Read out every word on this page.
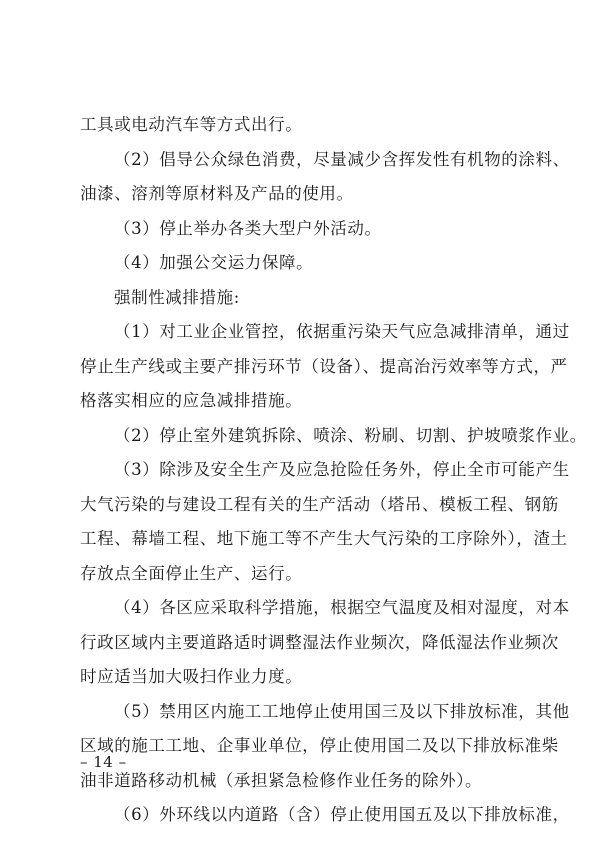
工具或电动汽车等方式出行。
（2）倡导公众绿色消费，尽量减少含挥发性有机物的涂料、
油漆、溶剂等原材料及产品的使用。
（3）停止举办各类大型户外活动。
（4）加强公交运力保障。
强制性减排措施:
（1）对工业企业管控，依据重污染天气应急减排清单，通过
停止生产线或主要产排污环节（设备）、提高治污效率等方式，严
格落实相应的应急减排措施。
（2）停止室外建筑拆除、喷涂、粉刷、切割、护坡喷浆作业。
（3）除涉及安全生产及应急抢险任务外，停止全市可能产生
大气污染的与建设工程有关的生产活动（塔吊、模板工程、钢筋
工程、幕墙工程、地下施工等不产生大气污染的工序除外），渣土
存放点全面停止生产、运行。
（4）各区应采取科学措施，根据空气温度及相对湿度，对本
行政区域内主要道路适时调整湿法作业频次，降低湿法作业频次
时应适当加大吸扫作业力度。
（5）禁用区内施工工地停止使用国三及以下排放标准，其他
区域的施工工地、企事业单位，停止使用国二及以下排放标准柴
油非道路移动机械（承担紧急检修作业任务的除外）。
（6）外环线以内道路（含）停止使用国五及以下排放标准，
– 14 –
